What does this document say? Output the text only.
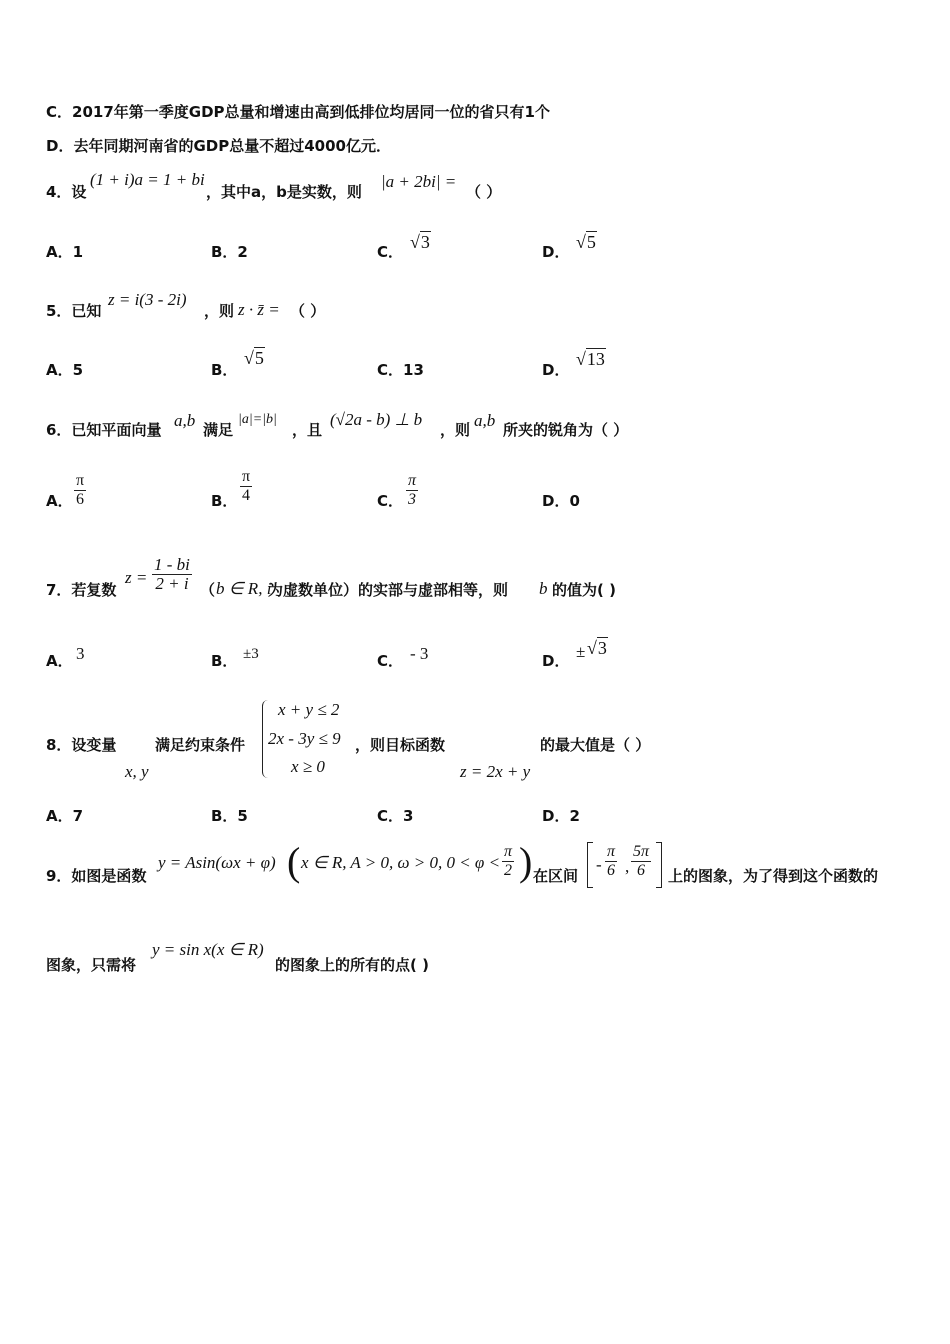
C．2017年第一季度GDP总量和增速由高到低排位均居同一位的省只有1个
D．去年同期河南省的GDP总量不超过4000亿元．
4．设
(1 + i)a = 1 + bi
，其中a，b是实数，则
|a + 2bi| =
（ ）
A．1	B．2	C． √3	D． √5
5．已知
z = i(3 - 2i)
，则 z · z̄ = （ ）
A．5	B．
√5
C．13	D．
√13
6．已知平面向量 a,b 满足
|a|=|b|
，且
(√2a - b) ⊥ b
，则 a,b 所夹的锐角为（ ）
A． $\frac{\pi}{6}$	B． $\frac{\pi}{4}$	C． $\frac{\pi}{3}$	D．0
7．若复数
$z = \frac{1 - bi}{2 + i}$ （ b ∈ R, i
为虚数单位）的实部与虚部相等，则 b 的值为( )
A． 3	B． ±3	C． - 3	D． ± √3
8．设变量
x, y
满足约束条件
x + y ≤ 2
2x - 3y ≤ 9
x ≥ 0
，则目标函数
z = 2x + y
的最大值是（ ）
A．7	B．5	C．3	D．2
9．如图是函数
y = Asin(ωx + φ) ( x ∈ R, A > 0, ω > 0, $0 < \varphi < \frac{\pi}{2}$ ) 在区间
- $\frac{\pi}{6}$ , $\frac{5\pi}{6}$ 上的图象，为了得到这个函数的
图象，只需将
y = sin x(x ∈ R)
的图象上的所有的点( )
